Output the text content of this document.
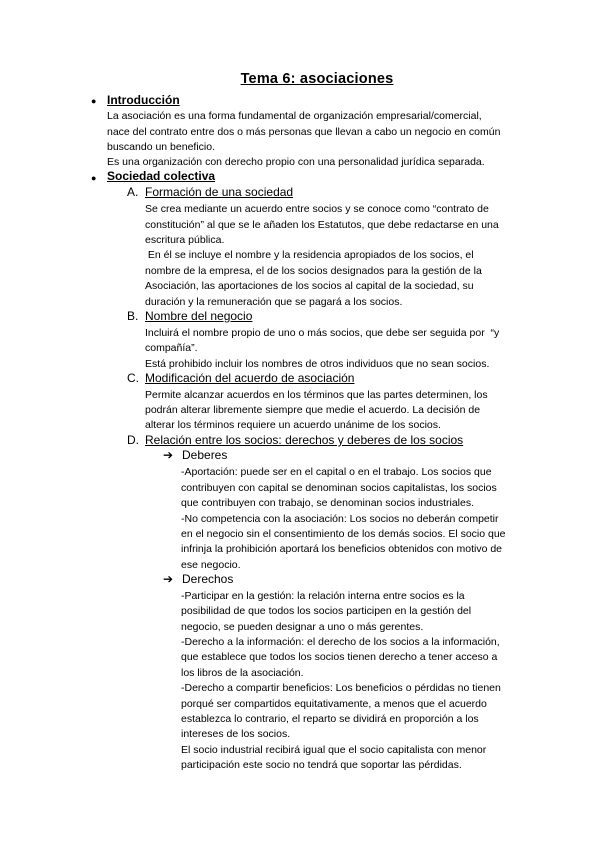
Tema 6: asociaciones
● Introducción
La asociación es una forma fundamental de organización empresarial/comercial,
nace del contrato entre dos o más personas que llevan a cabo un negocio en común
buscando un beneficio.
Es una organización con derecho propio con una personalidad jurídica separada.
● Sociedad colectiva
A. Formación de una sociedad
Se crea mediante un acuerdo entre socios y se conoce como “contrato de
constitución” al que se le añaden los Estatutos, que debe redactarse en una
escritura pública.
En él se incluye el nombre y la residencia apropiados de los socios, el
nombre de la empresa, el de los socios designados para la gestión de la
Asociación, las aportaciones de los socios al capital de la sociedad, su
duración y la remuneración que se pagará a los socios.
B. Nombre del negocio
Incluirá el nombre propio de uno o más socios, que debe ser seguida por  “y
compañía”.
Está prohibido incluir los nombres de otros individuos que no sean socios.
C. Modificación del acuerdo de asociación
Permite alcanzar acuerdos en los términos que las partes determinen, los
podrán alterar libremente siempre que medie el acuerdo. La decisión de
alterar los términos requiere un acuerdo unánime de los socios.
D. Relación entre los socios: derechos y deberes de los socios
➔ Deberes
-Aportación: puede ser en el capital o en el trabajo. Los socios que
contribuyen con capital se denominan socios capitalistas, los socios
que contribuyen con trabajo, se denominan socios industriales.
-No competencia con la asociación: Los socios no deberán competir
en el negocio sin el consentimiento de los demás socios. El socio que
infrinja la prohibición aportará los beneficios obtenidos con motivo de
ese negocio.
➔ Derechos
-Participar en la gestión: la relación interna entre socios es la
posibilidad de que todos los socios participen en la gestión del
negocio, se pueden designar a uno o más gerentes.
-Derecho a la información: el derecho de los socios a la información,
que establece que todos los socios tienen derecho a tener acceso a
los libros de la asociación.
-Derecho a compartir beneficios: Los beneficios o pérdidas no tienen
porqué ser compartidos equitativamente, a menos que el acuerdo
establezca lo contrario, el reparto se dividirá en proporción a los
intereses de los socios.
El socio industrial recibirá igual que el socio capitalista con menor
participación este socio no tendrá que soportar las pérdidas.
